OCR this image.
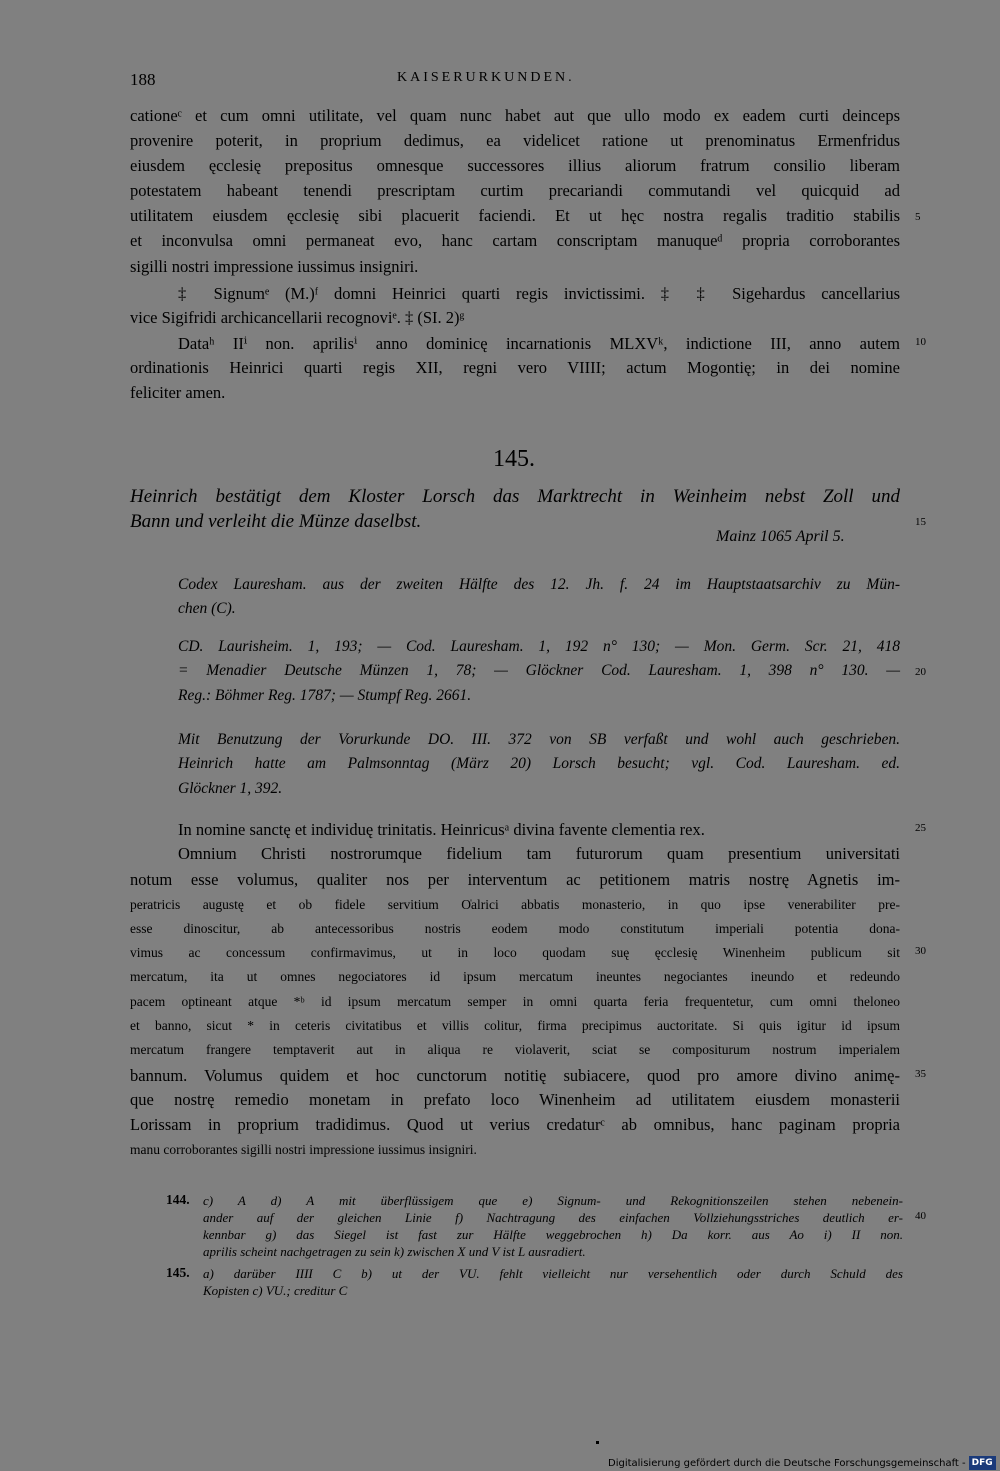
188	KAISERURKUNDEN.
cationeᶜ et cum omni utilitate, vel quam nunc habet aut que ullo modo ex eadem curti deinceps
provenire poterit, in proprium dedimus, ea videlicet ratione ut prenominatus Ermenfridus
eiusdem ęcclesię prepositus omnesque successores illius aliorum fratrum consilio liberam
potestatem habeant tenendi prescriptam curtim precariandi commutandi vel quicquid ad
utilitatem eiusdem ęcclesię sibi placuerit faciendi. Et ut hęc nostra regalis traditio stabilis
et inconvulsa omni permaneat evo, hanc cartam conscriptam manuqueᵈ propria corroborantes
sigilli nostri impressione iussimus insigniri.
‡ Signumᵉ (M.)ᶠ domni Heinrici quarti regis invictissimi. ‡ ‡ Sigehardus cancellarius
vice Sigifridi archicancellarii recognoviᵉ. ‡ (SI. 2)ᵍ
Dataʰ IIⁱ non. aprilisⁱ anno dominicę incarnationis MLXVᵏ, indictione III, anno autem
ordinationis Heinrici quarti regis XII, regni vero VIIII; actum Mogontię; in dei nomine
feliciter amen.
145.
Heinrich bestätigt dem Kloster Lorsch das Marktrecht in Weinheim nebst Zoll und
Bann und verleiht die Münze daselbst.
Mainz 1065 April 5.
Codex Lauresham. aus der zweiten Hälfte des 12. Jh. f. 24 im Hauptstaatsarchiv zu Mün-
chen (C).
CD. Laurisheim. 1, 193; — Cod. Lauresham. 1, 192 n° 130; — Mon. Germ. Scr. 21, 418
= Menadier Deutsche Münzen 1, 78; — Glöckner Cod. Lauresham. 1, 398 n° 130. —
Reg.: Böhmer Reg. 1787; — Stumpf Reg. 2661.
Mit Benutzung der Vorurkunde DO. III. 372 von SB verfaßt und wohl auch geschrieben.
Heinrich hatte am Palmsonntag (März 20) Lorsch besucht; vgl. Cod. Lauresham. ed.
Glöckner 1, 392.
In nomine sanctę et individuę trinitatis. Heinricusᵃ divina favente clementia rex.
Omnium Christi nostrorumque fidelium tam futurorum quam presentium universitati
notum esse volumus, qualiter nos per interventum ac petitionem matris nostrę Agnetis im-
peratricis augustę et ob fidele servitium O̍alrici abbatis monasterio, in quo ipse venerabiliter pre-
esse dinoscitur, ab antecessoribus nostris eodem modo constitutum imperiali potentia dona-
vimus ac concessum confirmavimus, ut in loco quodam suę ęcclesię Winenheim publicum sit
mercatum, ita ut omnes negociatores id ipsum mercatum ineuntes negociantes ineundo et redeundo
pacem optineant atque *ᵇ id ipsum mercatum semper in omni quarta feria frequentetur, cum omni theloneo
et banno, sicut * in ceteris civitatibus et villis colitur, firma precipimus auctoritate. Si quis igitur id ipsum
mercatum frangere temptaverit aut in aliqua re violaverit, sciat se compositurum nostrum imperialem
bannum. Volumus quidem et hoc cunctorum notitię subiacere, quod pro amore divino animę-
que nostrę remedio monetam in prefato loco Winenheim ad utilitatem eiusdem monasterii
Lorissam in proprium tradidimus. Quod ut verius credaturᶜ ab omnibus, hanc paginam propria
manu corroborantes sigilli nostri impressione iussimus insigniri.
144. c) A d) A mit überflüssigem que e) Signum- und Rekognitionszeilen stehen nebenein-
ander auf der gleichen Linie f) Nachtragung des einfachen Vollziehungsstriches deutlich er-
kennbar g) das Siegel ist fast zur Hälfte weggebrochen h) Da korr. aus Ao i) II non.
aprilis scheint nachgetragen zu sein k) zwischen X und V ist L ausradiert.
145. a) darüber IIII C b) ut der VU. fehlt vielleicht nur versehentlich oder durch Schuld des
Kopisten c) VU.; creditur C
5
10
15
20
25
30
35
40
Digitalisierung gefördert durch die Deutsche Forschungsgemeinschaft - DFG
